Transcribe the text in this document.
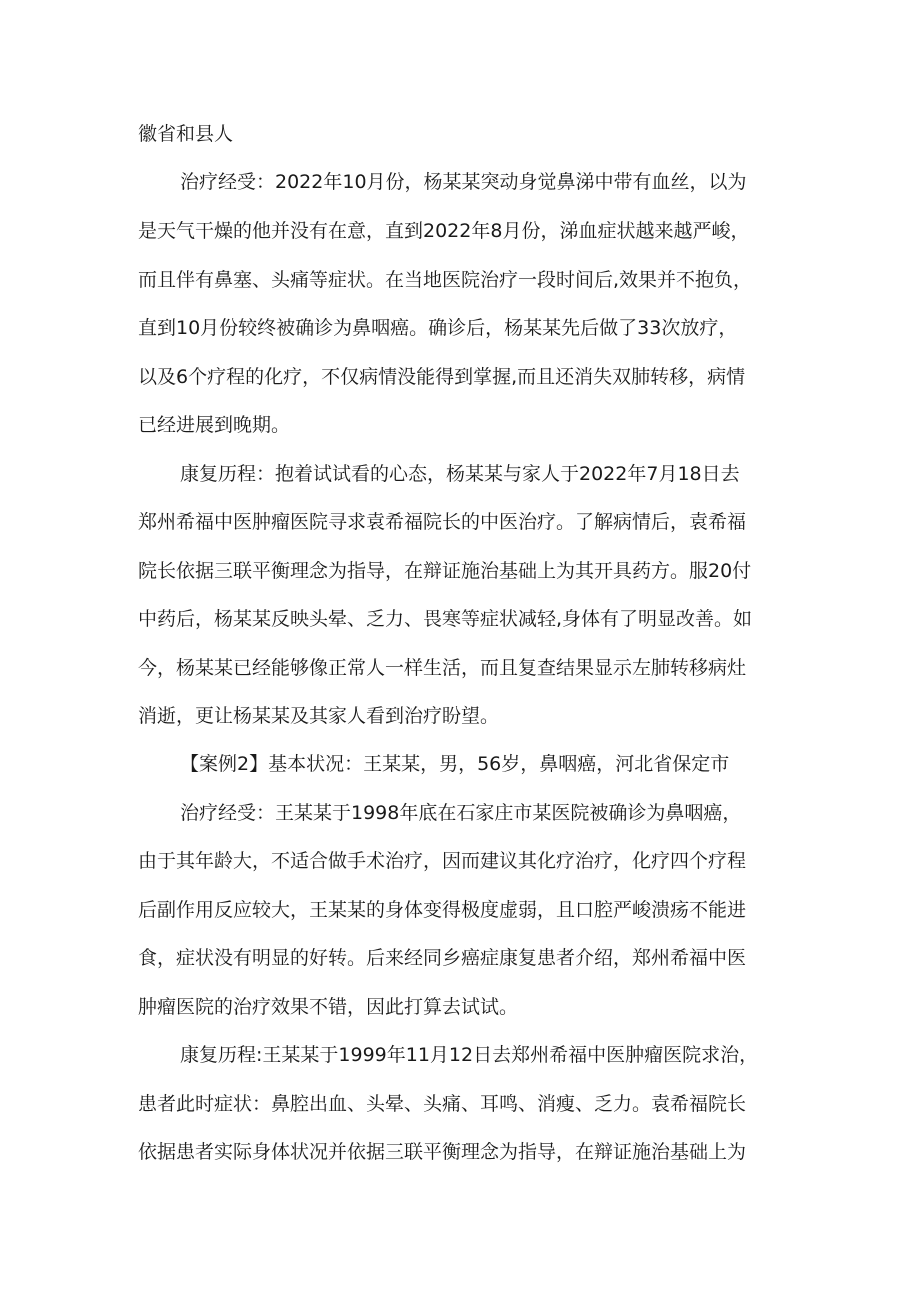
徽省和县人
治疗经受：2022年10月份，杨某某突动身觉鼻涕中带有血丝，以为
是天气干燥的他并没有在意，直到2022年8月份，涕血症状越来越严峻，
而且伴有鼻塞、头痛等症状。在当地医院治疗一段时间后,效果并不抱负，
直到10月份较终被确诊为鼻咽癌。确诊后，杨某某先后做了33次放疗，
以及6个疗程的化疗，不仅病情没能得到掌握,而且还消失双肺转移，病情
已经进展到晚期。
康复历程：抱着试试看的心态，杨某某与家人于2022年7月18日去
郑州希福中医肿瘤医院寻求袁希福院长的中医治疗。了解病情后，袁希福
院长依据三联平衡理念为指导，在辩证施治基础上为其开具药方。服20付
中药后，杨某某反映头晕、乏力、畏寒等症状减轻,身体有了明显改善。如
今，杨某某已经能够像正常人一样生活，而且复查结果显示左肺转移病灶
消逝，更让杨某某及其家人看到治疗盼望。
【案例2】基本状况：王某某，男，56岁，鼻咽癌，河北省保定市
治疗经受：王某某于1998年底在石家庄市某医院被确诊为鼻咽癌，
由于其年龄大，不适合做手术治疗，因而建议其化疗治疗，化疗四个疗程
后副作用反应较大，王某某的身体变得极度虚弱，且口腔严峻溃疡不能进
食，症状没有明显的好转。后来经同乡癌症康复患者介绍，郑州希福中医
肿瘤医院的治疗效果不错，因此打算去试试。
康复历程:王某某于1999年11月12日去郑州希福中医肿瘤医院求治，
患者此时症状：鼻腔出血、头晕、头痛、耳鸣、消瘦、乏力。袁希福院长
依据患者实际身体状况并依据三联平衡理念为指导，在辩证施治基础上为
